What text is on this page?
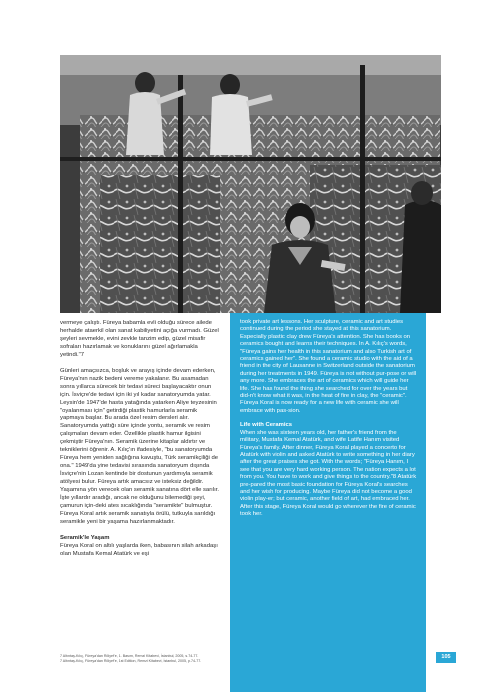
vermeye çalıştı. Füreya babamla evli olduğu sürece ailede herhalde ataerkil olan sanat kabiliyetini açığa vurmadı. Güzel şeyleri sevmekle, evini zevkle tanzim edip, güzel misafir sofraları hazırlamak ve konuklarını güzel ağırlamakla yetindi."7

Günleri amaçsızca, boşluk ve arayış içinde devam ederken, Füreya'nın nazik bedeni vereme yakalanır. Bu asamadan sonra yıllarca sürecek bir tedavi süreci başlayacaktır onun için. İsviçre'de tedavi için iki yıl kadar sanatoryumda yatar. Leysin'de 1947'de hasta yatağında yatarken Aliye teyzesinin "oyalanması için" getirdiği plastik hamurlarla seramik yapmaya başlar. Bu arada özel resim dersleri alır. Sanatoryumda yattığı süre içinde yontu, seramik ve resim çalışmaları devam eder. Özellikle plastik hamur ilgisini çekmiştir Füreya'nın. Seramik üzerine kitaplar aldırtır ve tekniklerini öğrenir. A. Kılıç'ın ifadesiyle, "bu sanatoryumda Füreya hem yeniden sağlığına kavuştu, Türk seramikçiliği de ona." 1949'da yine tedavisi sırasında sanatoryum dışında İsviçre'nin Lozan kentinde bir dostunun yardımıyla seramik atölyesi bulur. Füreya artık amacsız ve isteksiz değildir. Yaşamına yön verecek olan seramik sanatına dört elle sarılır. İşte yıllardır aradığı, ancak ne olduğunu bilemediği şeyi, çamurun için-deki ates sıcaklığında "seramikte" bulmuştur. Füreya Koral artık seramik sanatıyla örülü, tutkuyla sarıldığı seramikle yeni bir yaşama hazırlanmaktadır.

Seramik'le Yaşam

Füreya Koral on altılı yaşlarda iken, babasının silah arkadaşı olan Mustafa Kemal Atatürk ve eşi

took private art lessons. Her sculpture, ceramic and art studies continued during the period she stayed at this sanatorium. Especially plastic clay drew Füreya's attention. She has books on ceramics bought and learns their techniques. In A. Kılıç's words, "Füreya gains her health in this sanatorium and also Turkish art of ceramics gained her". She found a ceramic studio with the aid of a friend in the city of Lausanne in Switzerland outside the sanatorium during her treatments in 1949. Füreya is not without pur-pose or will any more. She embraces the art of ceramics which will guide her life. She has found the thing she searched for over the years but did-n't know what it was, in the heat of fire in clay, the "ceramic". Füreya Koral is now ready for a new life with ceramic she will embrace with pas-sion.

Life with Ceramics

When she was sixteen years old, her father's friend from the military, Mustafa Kemal Atatürk, and wife Latife Hanım visited Füreya's family. After dinner, Füreya Koral played a concerto for Atatürk with violin and asked Atatürk to write something in her diary after the great praises she got. With the words; "Füreya Hanım, I see that you are very hard working person. The nation expects a lot from you. You have to work and give things to the country."8 Atatürk pre-pared the most basic foundation for Füreya Koral's searches and her wish for producing. Maybe Füreya did not become a good violin play-er; but ceramic, another field of art, had embraced her. After this stage, Füreya Koral would go wherever the fire of ceramic took her.

7 Altıntaş-Kılıç, Füreya'dan Rölyef'e, 1. Basım, Remzi Kitabevi, İstanbul, 2005, s.74-77.
7 Altıntaş-Kılıç, Füreya'dan Rölyef'e, 1st Edition, Remzi Kitabevi, İstanbul, 2005, p.74-77.
105
